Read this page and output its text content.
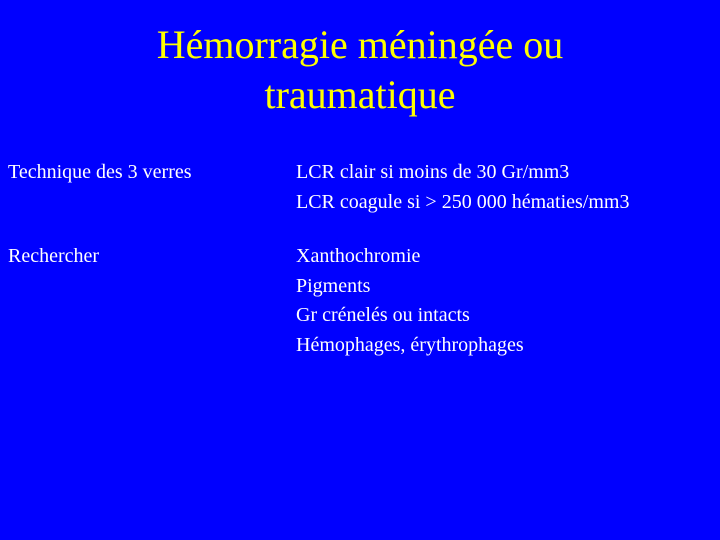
Hémorragie méningée ou
traumatique
Technique des 3 verres	LCR clair si moins de 30 Gr/mm3
LCR coagule si > 250 000 hématies/mm3
Rechercher	Xanthochromie
Pigments
Gr crénelés ou intacts
Hémophages, érythrophages
